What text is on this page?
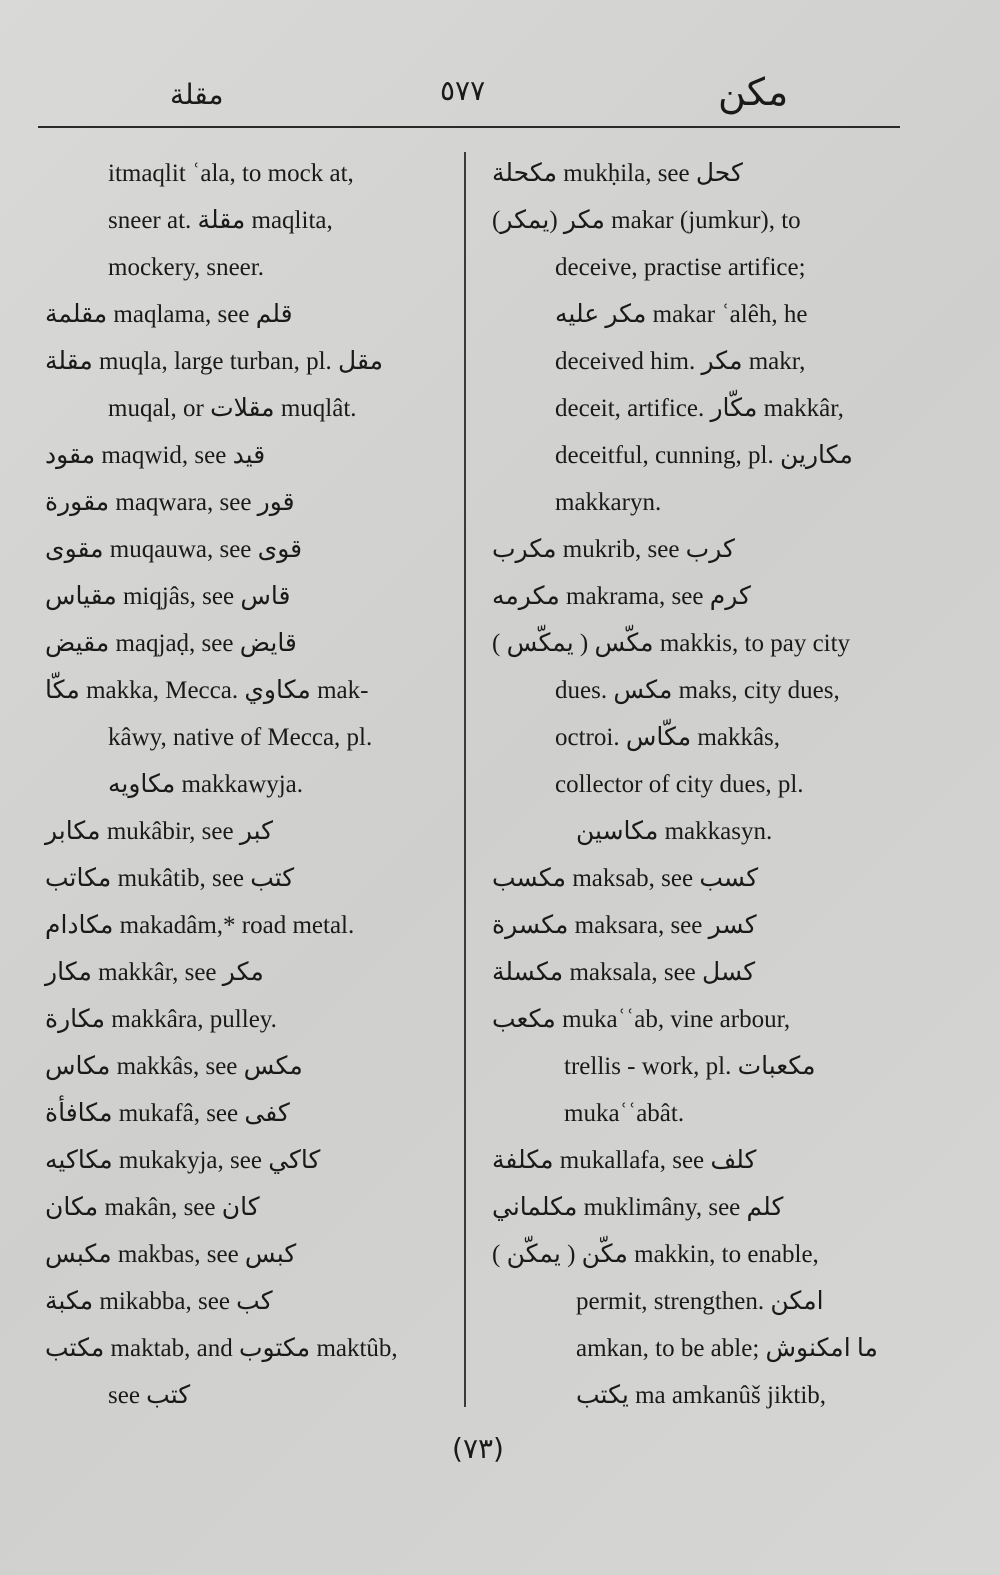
مقلة	٥٧٧	مكن
itmaqlit ʿala, to mock at,
sneer at. مقلة maqlita,
mockery, sneer.
مقلمة maqlama, see قلم
مقلة muqla, large turban, pl. مقل
muqal, or مقلات muqlât.
مقود maqwid, see قيد
مقورة maqwara, see قور
مقوى muqauwa, see قوى
مقياس miqjâs, see قاس
مقيض maqjaḍ, see قايض
مكّا makka, Mecca. مكاوي mak-
kâwy, native of Mecca, pl.
مكاويه makkawyja.
مكابر mukâbir, see كبر
مكاتب mukâtib, see كتب
مكادام makadâm,* road metal.
مكار makkâr, see مكر
مكارة makkâra, pulley.
مكاس makkâs, see مكس
مكافأة mukafâ, see كفى
مكاكيه mukakyja, see كاكي
مكان makân, see كان
مكبس makbas, see كبس
مكبة mikabba, see كب
مكتب maktab, and مكتوب maktûb,
see كتب
مكحلة mukḥila, see كحل
مكر (يمكر) makar (jumkur), to
deceive, practise artifice;
مكر عليه makar ʿalêh, he
deceived him. مكر makr,
deceit, artifice. مكّار makkâr,
deceitful, cunning, pl. مكارين
makkaryn.
مكرب mukrib, see كرب
مكرمه makrama, see كرم
مكّس ( يمكّس ) makkis, to pay city
dues. مكس maks, city dues,
octroi. مكّاس makkâs,
collector of city dues, pl.
مكاسين makkasyn.
مكسب maksab, see كسب
مكسرة maksara, see كسر
مكسلة maksala, see كسل
مكعب mukaʿʿab, vine arbour,
trellis - work, pl. مكعبات
mukaʿʿabât.
مكلفة mukallafa, see كلف
مكلماني muklimâny, see كلم
مكّن ( يمكّن ) makkin, to enable,
permit, strengthen. امكن
amkan, to be able; ما امكنوش
يكتب ma amkanûš jiktib,
(٧٣)
